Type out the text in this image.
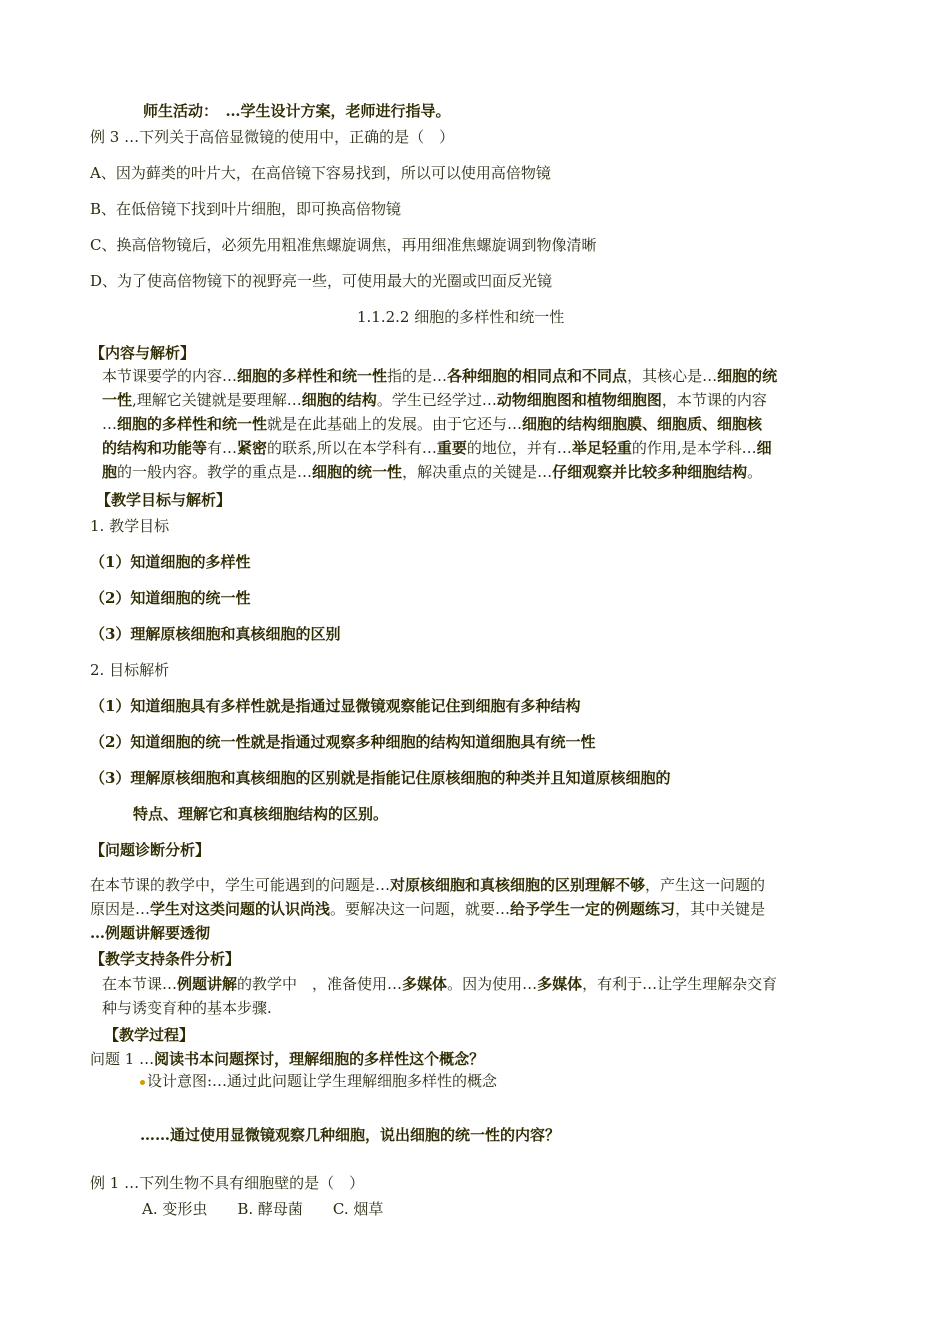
师生活动：　…学生设计方案，老师进行指导。
例 3 …下列关于高倍显微镜的使用中，正确的是（　）
A、因为藓类的叶片大，在高倍镜下容易找到，所以可以使用高倍物镜
B、在低倍镜下找到叶片细胞，即可换高倍物镜
C、换高倍物镜后，必须先用粗准焦螺旋调焦，再用细准焦螺旋调到物像清晰
D、为了使高倍物镜下的视野亮一些，可使用最大的光圈或凹面反光镜
1.1.2.2 细胞的多样性和统一性
【内容与解析】
本节课要学的内容…细胞的多样性和统一性指的是…各种细胞的相同点和不同点，其核心是…细胞的统
一性,理解它关键就是要理解…细胞的结构。学生已经学过…动物细胞图和植物细胞图，本节课的内容
…细胞的多样性和统一性就是在此基础上的发展。由于它还与…细胞的结构细胞膜、细胞质、细胞核
的结构和功能等有…紧密的联系,所以在本学科有…重要的地位，并有…举足轻重的作用,是本学科…细
胞的一般内容。教学的重点是…细胞的统一性，解决重点的关键是…仔细观察并比较多种细胞结构。
【教学目标与解析】
1. 教学目标
（1）知道细胞的多样性
（2）知道细胞的统一性
（3）理解原核细胞和真核细胞的区别
2. 目标解析
（1）知道细胞具有多样性就是指通过显微镜观察能记住到细胞有多种结构
（2）知道细胞的统一性就是指通过观察多种细胞的结构知道细胞具有统一性
（3）理解原核细胞和真核细胞的区别就是指能记住原核细胞的种类并且知道原核细胞的
特点、理解它和真核细胞结构的区别。
【问题诊断分析】
在本节课的教学中，学生可能遇到的问题是…对原核细胞和真核细胞的区别理解不够，产生这一问题的
原因是…学生对这类问题的认识尚浅。要解决这一问题，就要…给予学生一定的例题练习，其中关键是
…例题讲解要透彻
【教学支持条件分析】
在本节课…例题讲解的教学中　，准备使用…多媒体。因为使用…多媒体，有利于…让学生理解杂交育
种与诱变育种的基本步骤.
【教学过程】
问题 1 …阅读书本问题探讨，理解细胞的多样性这个概念？
设计意图:…通过此问题让学生理解细胞多样性的概念
……通过使用显微镜观察几种细胞，说出细胞的统一性的内容？
例 1 …下列生物不具有细胞壁的是（　）
A. 变形虫　　B. 酵母菌　　C. 烟草
